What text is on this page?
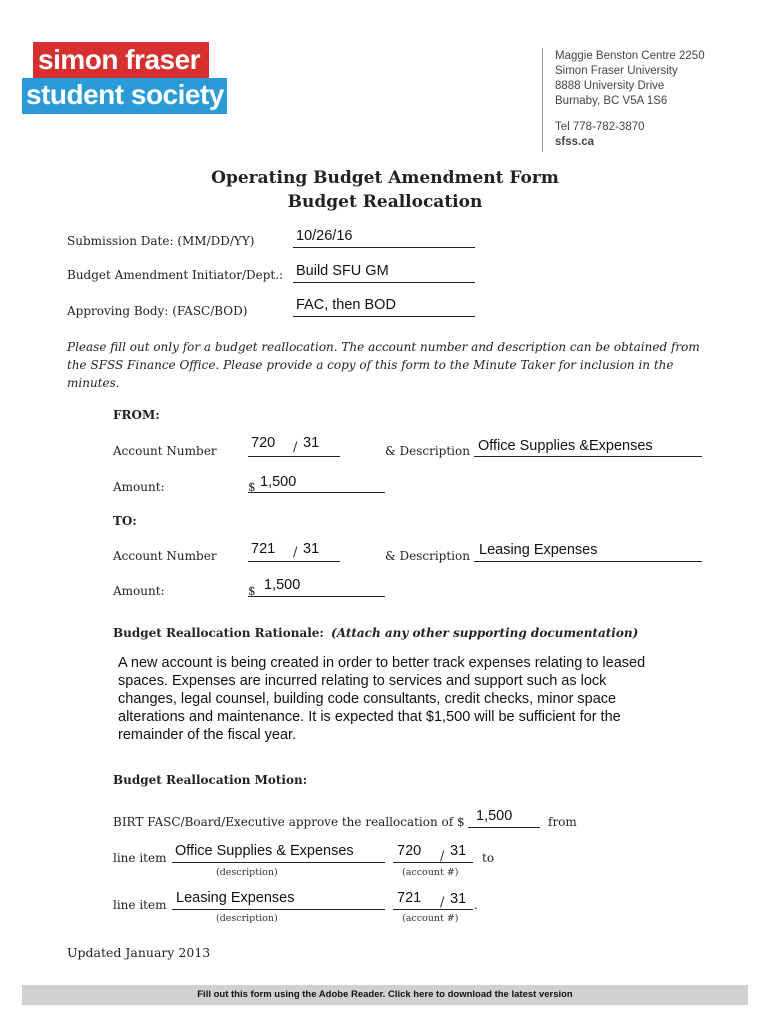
simon fraser
student society
Maggie Benston Centre 2250
Simon Fraser University
8888 University Drive
Burnaby, BC V5A 1S6
Tel 778-782-3870
sfss.ca
Operating Budget Amendment Form
Budget Reallocation
Submission Date: (MM/DD/YY)	10/26/16
Budget Amendment Initiator/Dept.: Build SFU GM
Approving Body: (FASC/BOD)	FAC, then BOD
Please fill out only for a budget reallocation. The account number and description can be obtained from the SFSS Finance Office. Please provide a copy of this form to the Minute Taker for inclusion in the minutes.
FROM:
Account Number 720 / 31	& Description Office Supplies &Expenses
Amount:	$ 1,500
TO:
Account Number 721 / 31	& Description Leasing Expenses
Amount:	$ 1,500
Budget Reallocation Rationale: (Attach any other supporting documentation)
A new account is being created in order to better track expenses relating to leased spaces. Expenses are incurred relating to services and support such as lock changes, legal counsel, building code consultants, credit checks, minor space alterations and maintenance. It is expected that $1,500 will be sufficient for the remainder of the fiscal year.
Budget Reallocation Motion:
BIRT FASC/Board/Executive approve the reallocation of $ 1,500	from
line item Office Supplies & Expenses
(description)
720 / 31
(account #)
to
line item Leasing Expenses
(description)
721 / 31 .
(account #)
Updated January 2013
Fill out this form using the Adobe Reader. Click here to download the latest version
